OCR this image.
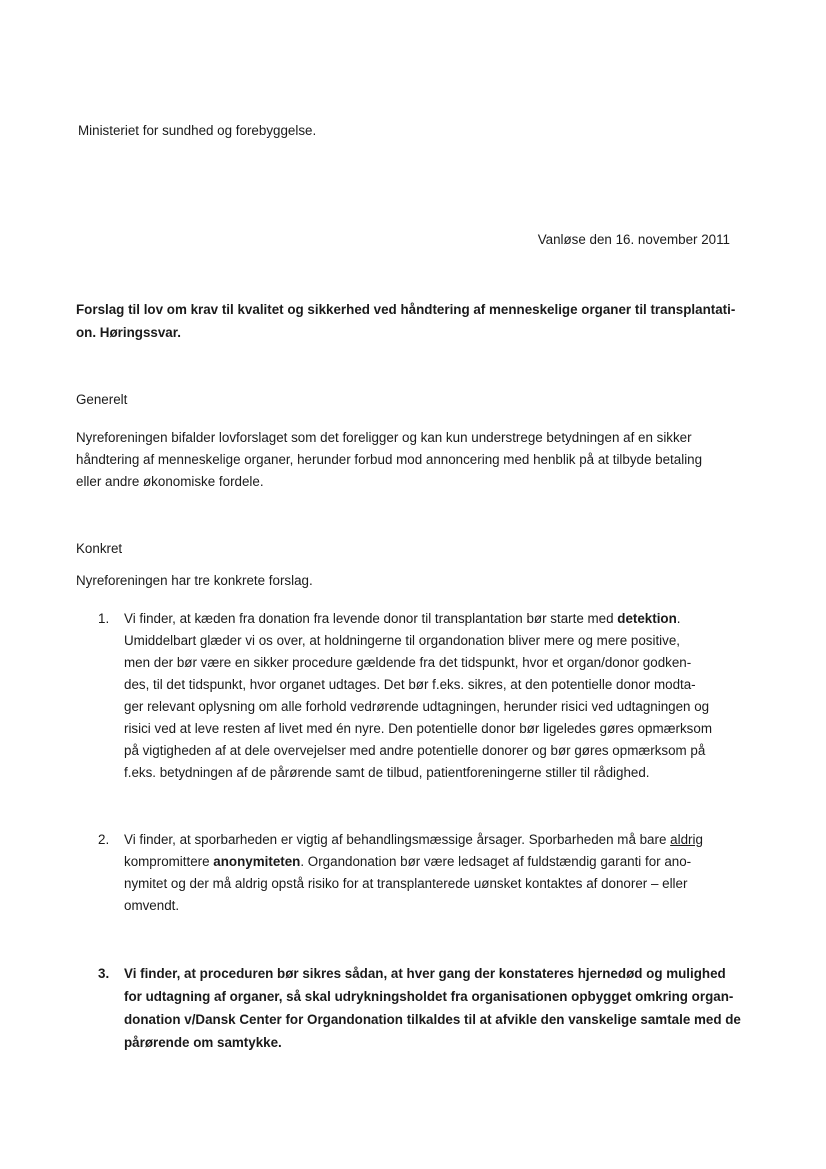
Ministeriet for sundhed og forebyggelse.
Vanløse den 16. november 2011
Forslag til lov om krav til kvalitet og sikkerhed ved håndtering af menneskelige organer til transplantati-
on. Høringssvar.
Generelt
Nyreforeningen bifalder lovforslaget som det foreligger og kan kun understrege betydningen af en sikker
håndtering af menneskelige organer, herunder forbud mod annoncering med henblik på at tilbyde betaling
eller andre økonomiske fordele.
Konkret
Nyreforeningen har tre konkrete forslag.
1.	Vi finder, at kæden fra donation fra levende donor til transplantation bør starte med detektion.
Umiddelbart glæder vi os over, at holdningerne til organdonation bliver mere og mere positive,
men der bør være en sikker procedure gældende fra det tidspunkt, hvor et organ/donor godken-
des, til det tidspunkt, hvor organet udtages. Det bør f.eks. sikres, at den potentielle donor modta-
ger relevant oplysning om alle forhold vedrørende udtagningen, herunder risici ved udtagningen og
risici ved at leve resten af livet med én nyre. Den potentielle donor bør ligeledes gøres opmærksom
på vigtigheden af at dele overvejelser med andre potentielle donorer og bør gøres opmærksom på
f.eks. betydningen af de pårørende samt de tilbud, patientforeningerne stiller til rådighed.
2.	Vi finder, at sporbarheden er vigtig af behandlingsmæssige årsager. Sporbarheden må bare aldrig
kompromittere anonymiteten. Organdonation bør være ledsaget af fuldstændig garanti for ano-
nymitet og der må aldrig opstå risiko for at transplanterede uønsket kontaktes af donorer – eller
omvendt.
3.	Vi finder, at proceduren bør sikres sådan, at hver gang der konstateres hjernedød og mulighed
for udtagning af organer, så skal udrykningsholdet fra organisationen opbygget omkring organ-
donation v/Dansk Center for Organdonation tilkaldes til at afvikle den vanskelige samtale med de
pårørende om samtykke.
